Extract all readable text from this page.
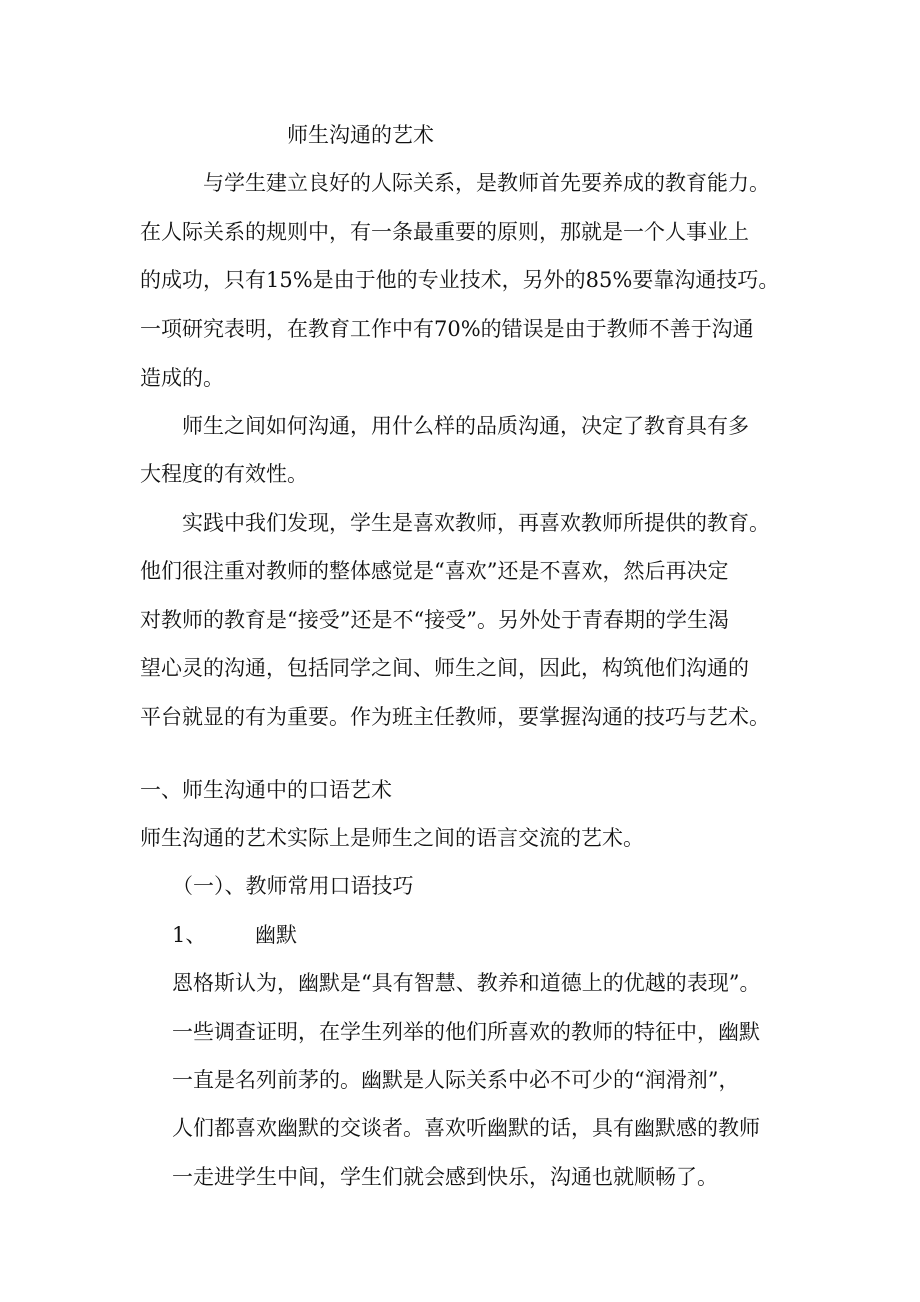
师生沟通的艺术
与学生建立良好的人际关系，是教师首先要养成的教育能力。
在人际关系的规则中，有一条最重要的原则，那就是一个人事业上
的成功，只有15%是由于他的专业技术，另外的85%要靠沟通技巧。
一项研究表明，在教育工作中有70%的错误是由于教师不善于沟通
造成的。
师生之间如何沟通，用什么样的品质沟通，决定了教育具有多
大程度的有效性。
实践中我们发现，学生是喜欢教师，再喜欢教师所提供的教育。
他们很注重对教师的整体感觉是“喜欢”还是不喜欢，然后再决定
对教师的教育是“接受”还是不“接受”。另外处于青春期的学生渴
望心灵的沟通，包括同学之间、师生之间，因此，构筑他们沟通的
平台就显的有为重要。作为班主任教师，要掌握沟通的技巧与艺术。
一、师生沟通中的口语艺术
师生沟通的艺术实际上是师生之间的语言交流的艺术。
（一）、教师常用口语技巧
1、 幽默
恩格斯认为，幽默是“具有智慧、教养和道德上的优越的表现”。
一些调查证明，在学生列举的他们所喜欢的教师的特征中，幽默
一直是名列前茅的。幽默是人际关系中必不可少的“润滑剂”，
人们都喜欢幽默的交谈者。喜欢听幽默的话，具有幽默感的教师
一走进学生中间，学生们就会感到快乐，沟通也就顺畅了。
